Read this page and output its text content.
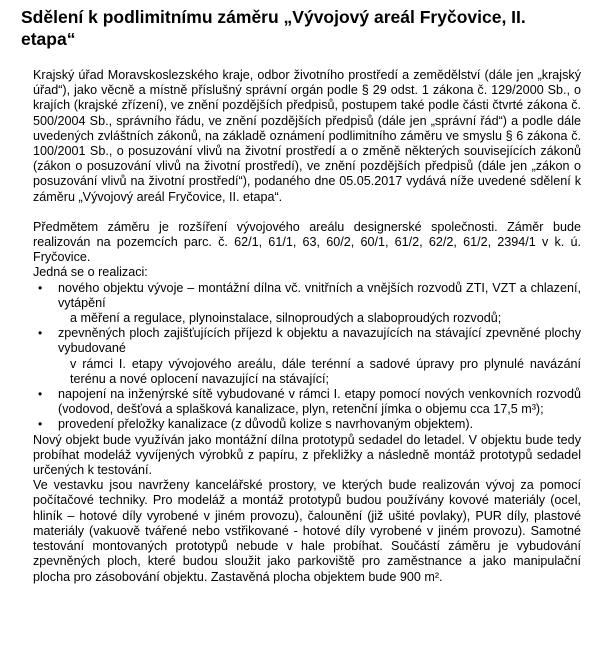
Sdělení k podlimitnímu záměru „Vývojový areál Fryčovice, II. etapa“

Krajský úřad Moravskoslezského kraje, odbor životního prostředí a zemědělství (dále jen „krajský úřad“), jako věcně a místně příslušný správní orgán podle § 29 odst. 1 zákona č. 129/2000 Sb., o krajích (krajské zřízení), ve znění pozdějších předpisů, postupem také podle části čtvrté zákona č. 500/2004 Sb., správního řádu, ve znění pozdějších předpisů (dále jen „správní řád“) a podle dále uvedených zvláštních zákonů, na základě oznámení podlimitního záměru ve smyslu § 6 zákona č. 100/2001 Sb., o posuzování vlivů na životní prostředí a o změně některých souvisejících zákonů (zákon o posuzování vlivů na životní prostředí), ve znění pozdějších předpisů (dále jen „zákon o posuzování vlivů na životní prostředí“), podaného dne 05.05.2017 vydává níže uvedené sdělení k záměru „Vývojový areál Fryčovice, II. etapa“.

Předmětem záměru je rozšíření vývojového areálu designerské společnosti. Záměr bude realizován na pozemcích parc. č. 62/1, 61/1, 63, 60/2, 60/1, 61/2, 62/2, 61/2, 2394/1 v k. ú. Fryčovice.

Jedná se o realizaci:

• nového objektu vývoje – montážní dílna vč. vnitřních a vnějších rozvodů ZTI, VZT a chlazení, vytápění
a měření a regulace, plynoinstalace, silnoproudých a slaboproudých rozvodů;
• zpevněných ploch zajišťujících příjezd k objektu a navazujících na stávající zpevněné plochy vybudované
v rámci I. etapy vývojového areálu, dále terénní a sadové úpravy pro plynulé navázání terénu a nové oplocení navazující na stávající;
• napojení na inženýrské sítě vybudované v rámci I. etapy pomocí nových venkovních rozvodů (vodovod, dešťová a splašková kanalizace, plyn, retenční jímka o objemu cca 17,5 m³);
• provedení přeložky kanalizace (z důvodů kolize s navrhovaným objektem).

Nový objekt bude využíván jako montážní dílna prototypů sedadel do letadel. V objektu bude tedy probíhat modeláž vyvíjených výrobků z papíru, z překližky a následně montáž prototypů sedadel určených k testování.

Ve vestavku jsou navrženy kancelářské prostory, ve kterých bude realizován vývoj za pomocí počítačové techniky. Pro modeláž a montáž prototypů budou používány kovové materiály (ocel, hliník – hotové díly vyrobené v jiném provozu), čalounění (již ušité povlaky), PUR díly, plastové materiály (vakuově tvářené nebo vstřikované - hotové díly vyrobené v jiném provozu). Samotné testování montovaných prototypů nebude v hale probíhat. Součástí záměru je vybudování zpevněných ploch, které budou sloužit jako parkoviště pro zaměstnance a jako manipulační plocha pro zásobování objektu. Zastavěná plocha objektem bude 900 m².
